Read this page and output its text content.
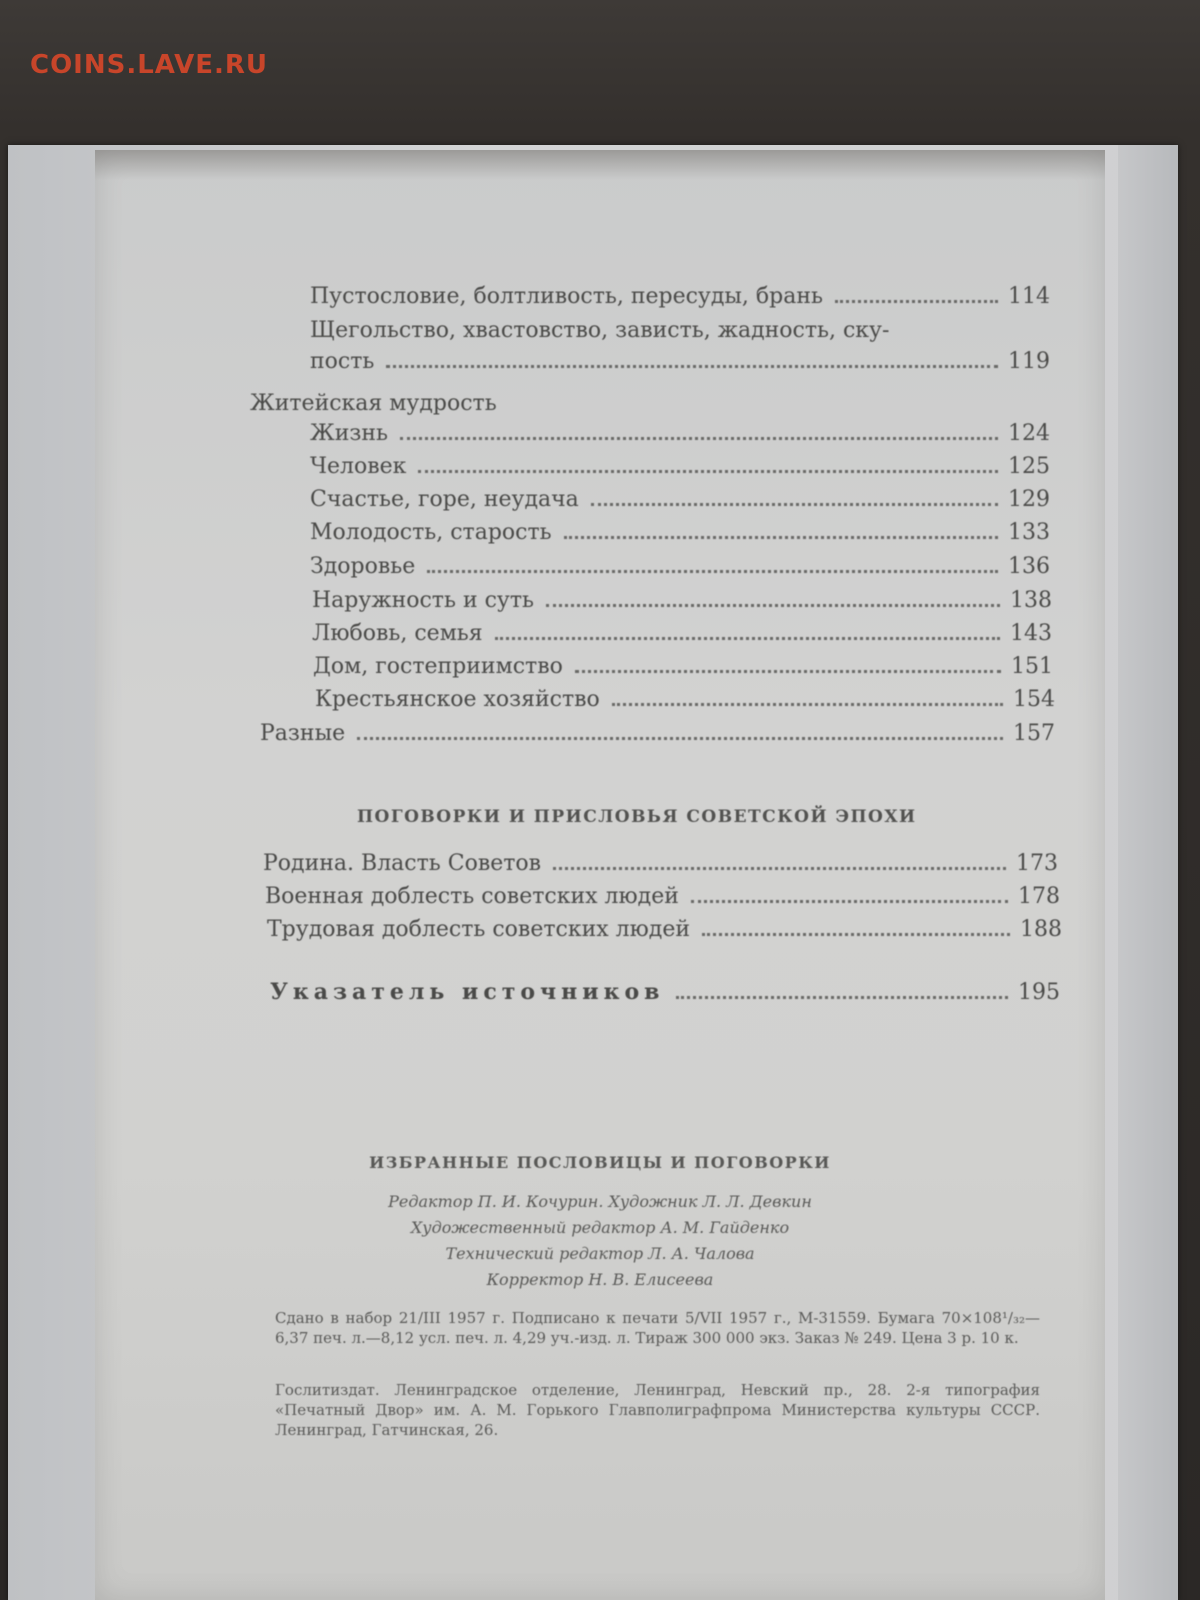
COINS.LAVE.RU
Пустословие, болтливость, пересуды, брань	114
Щегольство, хвастовство, зависть, жадность, ску-
пость	119
Житейская мудрость
Жизнь	124
Человек	125
Счастье, горе, неудача	129
Молодость, старость	133
Здоровье	136
Наружность и суть	138
Любовь, семья	143
Дом, гостеприимство	151
Крестьянское хозяйство	154
Разные	157
ПОГОВОРКИ И ПРИСЛОВЬЯ СОВЕТСКОЙ ЭПОХИ
Родина. Власть Советов	173
Военная доблесть советских людей	178
Трудовая доблесть советских людей	188
Указатель источников	195
ИЗБРАННЫЕ ПОСЛОВИЦЫ И ПОГОВОРКИ
Редактор П. И. Кочурин. Художник Л. Л. Девкин
Художественный редактор А. М. Гайденко
Технический редактор Л. А. Чалова
Корректор Н. В. Елисеева
Сдано в набор 21/III 1957 г. Подписано к печати 5/VII 1957 г., М-31559. Бумага 70×108¹/₃₂—6,37 печ. л.—8,12 усл. печ. л. 4,29 уч.-изд. л. Тираж 300 000 экз. Заказ № 249. Цена 3 р. 10 к.
Гослитиздат. Ленинградское отделение, Ленинград, Невский пр., 28. 2-я типография «Печатный Двор» им. А. М. Горького Главполиграфпрома Министерства культуры СССР. Ленинград, Гатчинская, 26.
